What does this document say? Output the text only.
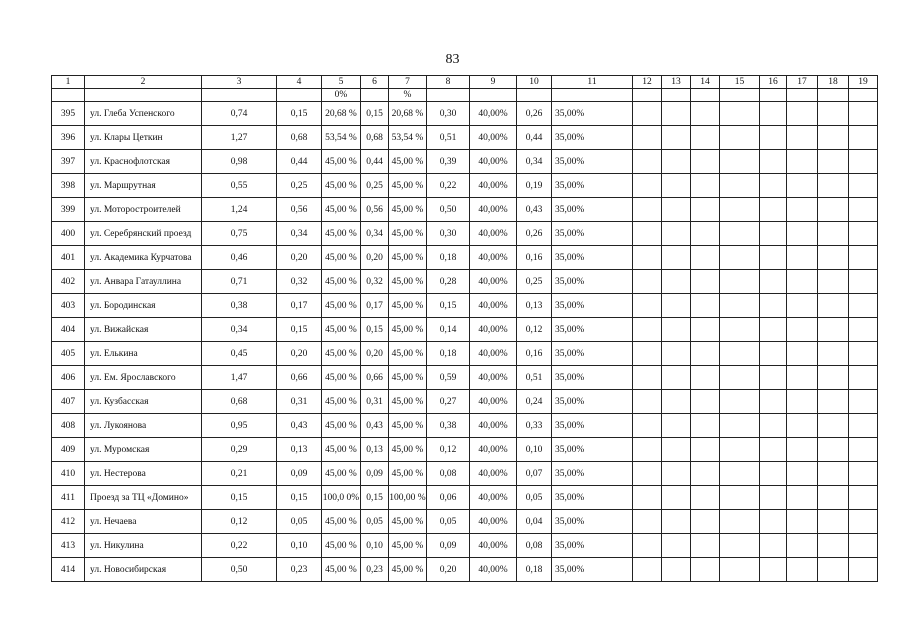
83
1	2	3	4	5	6	7	8	9	10	11	12	13	14	15	16	17	18	19
				0%		%												
395	ул. Глеба Успенского	0,74	0,15	20,68 %	0,15	20,68 %	0,30	40,00%	0,26	35,00%								
396	ул. Клары Цеткин	1,27	0,68	53,54 %	0,68	53,54 %	0,51	40,00%	0,44	35,00%								
397	ул. Краснофлотская	0,98	0,44	45,00 %	0,44	45,00 %	0,39	40,00%	0,34	35,00%								
398	ул. Маршрутная	0,55	0,25	45,00 %	0,25	45,00 %	0,22	40,00%	0,19	35,00%								
399	ул. Моторостроителей	1,24	0,56	45,00 %	0,56	45,00 %	0,50	40,00%	0,43	35,00%								
400	ул. Серебрянский проезд	0,75	0,34	45,00 %	0,34	45,00 %	0,30	40,00%	0,26	35,00%								
401	ул. Академика Курчатова	0,46	0,20	45,00 %	0,20	45,00 %	0,18	40,00%	0,16	35,00%								
402	ул. Анвара Гатауллина	0,71	0,32	45,00 %	0,32	45,00 %	0,28	40,00%	0,25	35,00%								
403	ул. Бородинская	0,38	0,17	45,00 %	0,17	45,00 %	0,15	40,00%	0,13	35,00%								
404	ул. Вижайская	0,34	0,15	45,00 %	0,15	45,00 %	0,14	40,00%	0,12	35,00%								
405	ул. Елькина	0,45	0,20	45,00 %	0,20	45,00 %	0,18	40,00%	0,16	35,00%								
406	ул. Ем. Ярославского	1,47	0,66	45,00 %	0,66	45,00 %	0,59	40,00%	0,51	35,00%								
407	ул. Кузбасская	0,68	0,31	45,00 %	0,31	45,00 %	0,27	40,00%	0,24	35,00%								
408	ул. Лукоянова	0,95	0,43	45,00 %	0,43	45,00 %	0,38	40,00%	0,33	35,00%								
409	ул. Муромская	0,29	0,13	45,00 %	0,13	45,00 %	0,12	40,00%	0,10	35,00%								
410	ул. Нестерова	0,21	0,09	45,00 %	0,09	45,00 %	0,08	40,00%	0,07	35,00%								
411	Проезд за ТЦ «Домино»	0,15	0,15	100,0 0%	0,15	100,00 %	0,06	40,00%	0,05	35,00%								
412	ул. Нечаева	0,12	0,05	45,00 %	0,05	45,00 %	0,05	40,00%	0,04	35,00%								
413	ул. Никулина	0,22	0,10	45,00 %	0,10	45,00 %	0,09	40,00%	0,08	35,00%								
414	ул. Новосибирская	0,50	0,23	45,00 %	0,23	45,00 %	0,20	40,00%	0,18	35,00%								
